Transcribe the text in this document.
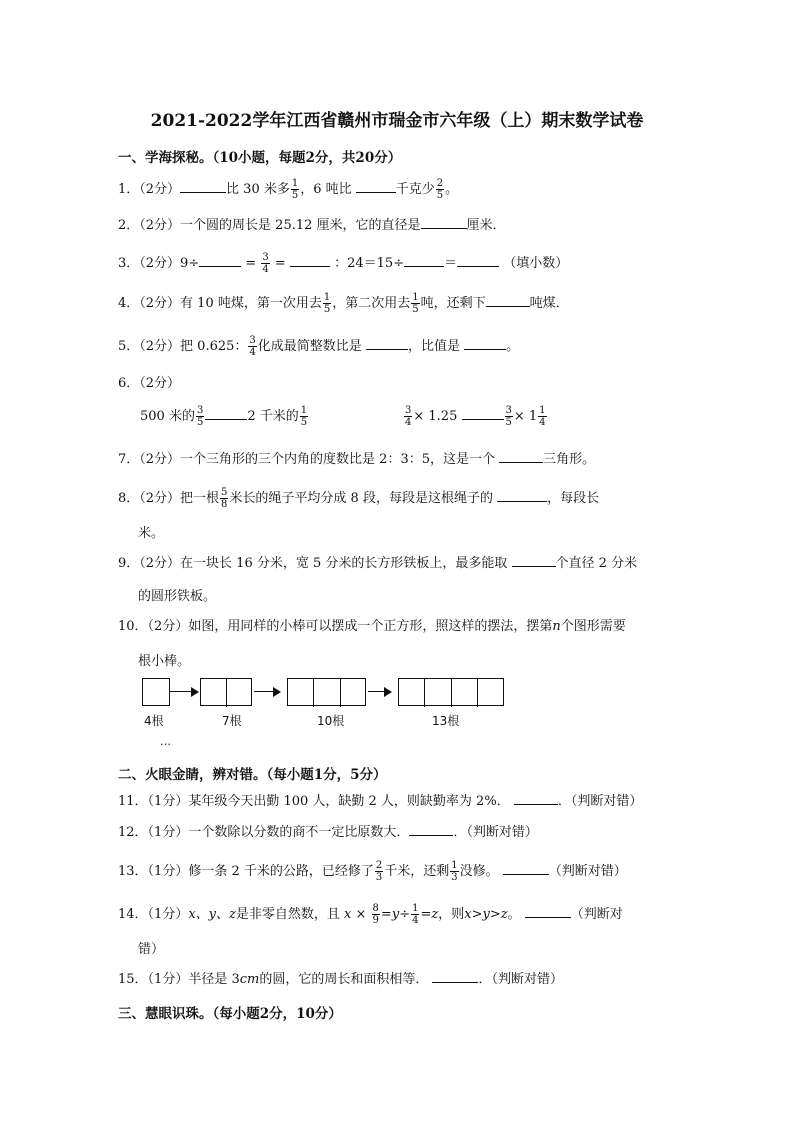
2021-2022学年江西省赣州市瑞金市六年级（上）期末数学试卷
一、学海探秘。（10小题，每题2分，共20分）
1．（2分）	比 30 米多 $\frac{1}{5}$ ，6 吨比	千克少 $\frac{2}{5}$ 。
2．（2分）一个圆的周长是 25.12 厘米，它的直径是	厘米．
3．（2分）9÷	= $\frac{3}{4}$ =	：24＝15÷	＝	（填小数）
4．（2分）有 10 吨煤，第一次用去 $\frac{1}{5}$ ，第二次用去 $\frac{1}{5}$ 吨，还剩下	吨煤．
5．（2分）把 0.625： $\frac{3}{4}$ 化成最简整数比是	，比值是	。
6．（2分）
500 米的 $\frac{3}{5}$	2 千米的 $\frac{1}{5}$	$\frac{3}{4} \times 1.25$	$\frac{3}{5} \times 1 \frac{1}{4}$
7．（2分）一个三角形的三个内角的度数比是 2：3：5，这是一个	三角形。
8．（2分）把一根 $\frac{5}{8}$ 米长的绳子平均分成 8 段，每段是这根绳子的	，每段长
米。
9．（2分）在一块长 16 分米，宽 5 分米的长方形铁板上，最多能取	个直径 2 分米
的圆形铁板。
10．（2分）如图，用同样的小棒可以摆成一个正方形，照这样的摆法，摆第n个图形需要
根小棒。
4根	7根	10根	13根
…
二、火眼金睛，辨对错。（每小题1分，5分）
11．（1分）某年级今天出勤 100 人，缺勤 2 人，则缺勤率为 2%．	．（判断对错）
12．（1分）一个数除以分数的商不一定比原数大．	．（判断对错）
13．（1分）修一条 2 千米的公路，已经修了 $\frac{2}{3}$ 千米，还剩 $\frac{1}{3}$ 没修。	（判断对错）
14．（1分）x、y、z是非零自然数，且 $x \times \frac{8}{9} =y\div \frac{1}{4} =z$，则x>y>z。	（判断对
错）
15．（1分）半径是 3cm的圆，它的周长和面积相等．	．（判断对错）
三、慧眼识珠。（每小题2分，10分）
